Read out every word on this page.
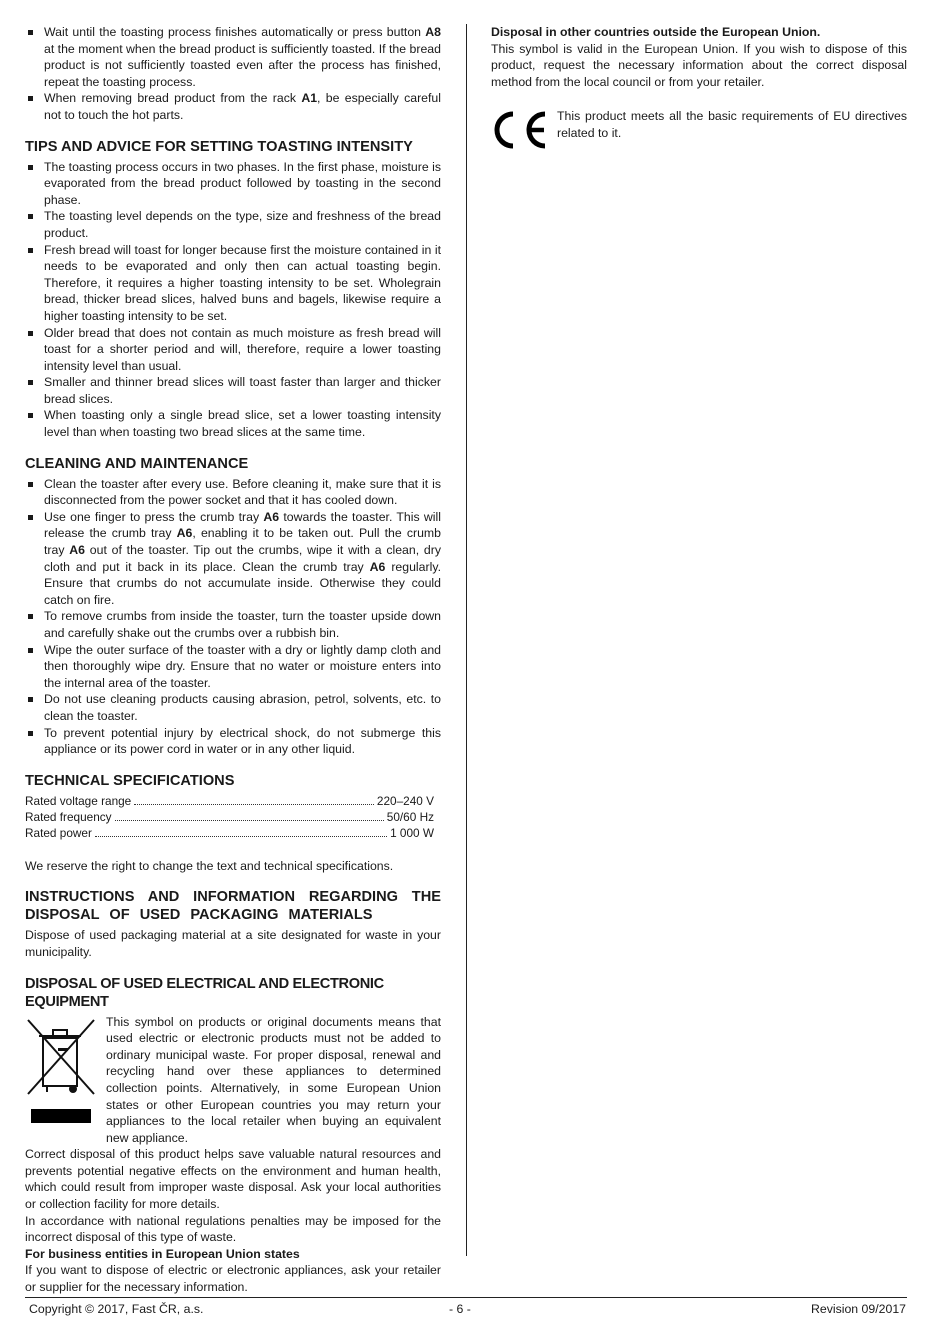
Wait until the toasting process finishes automatically or press button A8 at the moment when the bread product is sufficiently toasted. If the bread product is not sufficiently toasted even after the process has finished, repeat the toasting process.
When removing bread product from the rack A1, be especially careful not to touch the hot parts.
TIPS AND ADVICE FOR SETTING TOASTING INTENSITY
The toasting process occurs in two phases. In the first phase, moisture is evaporated from the bread product followed by toasting in the second phase.
The toasting level depends on the type, size and freshness of the bread product.
Fresh bread will toast for longer because first the moisture contained in it needs to be evaporated and only then can actual toasting begin. Therefore, it requires a higher toasting intensity to be set. Wholegrain bread, thicker bread slices, halved buns and bagels, likewise require a higher toasting intensity to be set.
Older bread that does not contain as much moisture as fresh bread will toast for a shorter period and will, therefore, require a lower toasting intensity level than usual.
Smaller and thinner bread slices will toast faster than larger and thicker bread slices.
When toasting only a single bread slice, set a lower toasting intensity level than when toasting two bread slices at the same time.
CLEANING AND MAINTENANCE
Clean the toaster after every use. Before cleaning it, make sure that it is disconnected from the power socket and that it has cooled down.
Use one finger to press the crumb tray A6 towards the toaster. This will release the crumb tray A6, enabling it to be taken out. Pull the crumb tray A6 out of the toaster. Tip out the crumbs, wipe it with a clean, dry cloth and put it back in its place. Clean the crumb tray A6 regularly. Ensure that crumbs do not accumulate inside. Otherwise they could catch on fire.
To remove crumbs from inside the toaster, turn the toaster upside down and carefully shake out the crumbs over a rubbish bin.
Wipe the outer surface of the toaster with a dry or lightly damp cloth and then thoroughly wipe dry. Ensure that no water or moisture enters into the internal area of the toaster.
Do not use cleaning products causing abrasion, petrol, solvents, etc. to clean the toaster.
To prevent potential injury by electrical shock, do not submerge this appliance or its power cord in water or in any other liquid.
TECHNICAL SPECIFICATIONS
Rated voltage range	220–240 V
Rated frequency	50/60 Hz
Rated power	1 000 W

We reserve the right to change the text and technical specifications.

INSTRUCTIONS AND INFORMATION REGARDING THE DISPOSAL OF USED PACKAGING MATERIALS

Dispose of used packaging material at a site designated for waste in your municipality.

DISPOSAL OF USED ELECTRICAL AND ELECTRONIC EQUIPMENT

This symbol on products or original documents means that used electric or electronic products must not be added to ordinary municipal waste. For proper disposal, renewal and recycling hand over these appliances to determined collection points. Alternatively, in some European Union states or other European countries you may return your appliances to the local retailer when buying an equivalent new appliance.

Correct disposal of this product helps save valuable natural resources and prevents potential negative effects on the environment and human health, which could result from improper waste disposal. Ask your local authorities or collection facility for more details.

In accordance with national regulations penalties may be imposed for the incorrect disposal of this type of waste.

For business entities in European Union states

If you want to dispose of electric or electronic appliances, ask your retailer or supplier for the necessary information.

Disposal in other countries outside the European Union.

This symbol is valid in the European Union. If you wish to dispose of this product, request the necessary information about the correct disposal method from the local council or from your retailer.

This product meets all the basic requirements of EU directives related to it.

Copyright © 2017, Fast ČR, a.s.	- 6 -	Revision 09/2017
